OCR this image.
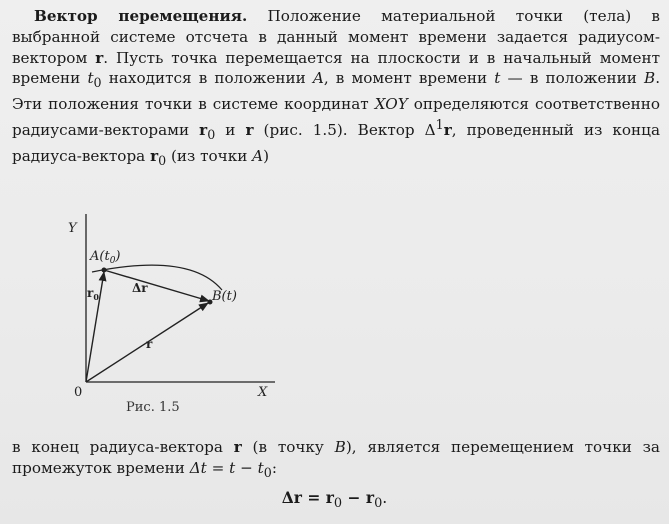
Вектор перемещения. Положение материальной точки (тела) в выбранной системе отсчета в данный момент времени задается радиусом-вектором r. Пусть точка перемещается на плоскости и в начальный момент времени $t_0$ находится в положении A, в момент времени t — в положении B. Эти положения точки в системе координат XOY определяются соответственно радиусами-векторами $r_0$ и r (рис. 1.5). Вектор $\Delta^1r$, проведенный из конца радиуса-вектора $r_0$ (из точки A)

Y
X
0
$A(t_0)$
B(t)
$r_0$
Δr
r
Рис. 1.5

в конец радиуса-вектора r (в точку B), является перемещением точки за промежуток времени $\Delta t = t - t_0$:

$\Delta r = r_0 - r_0$.
